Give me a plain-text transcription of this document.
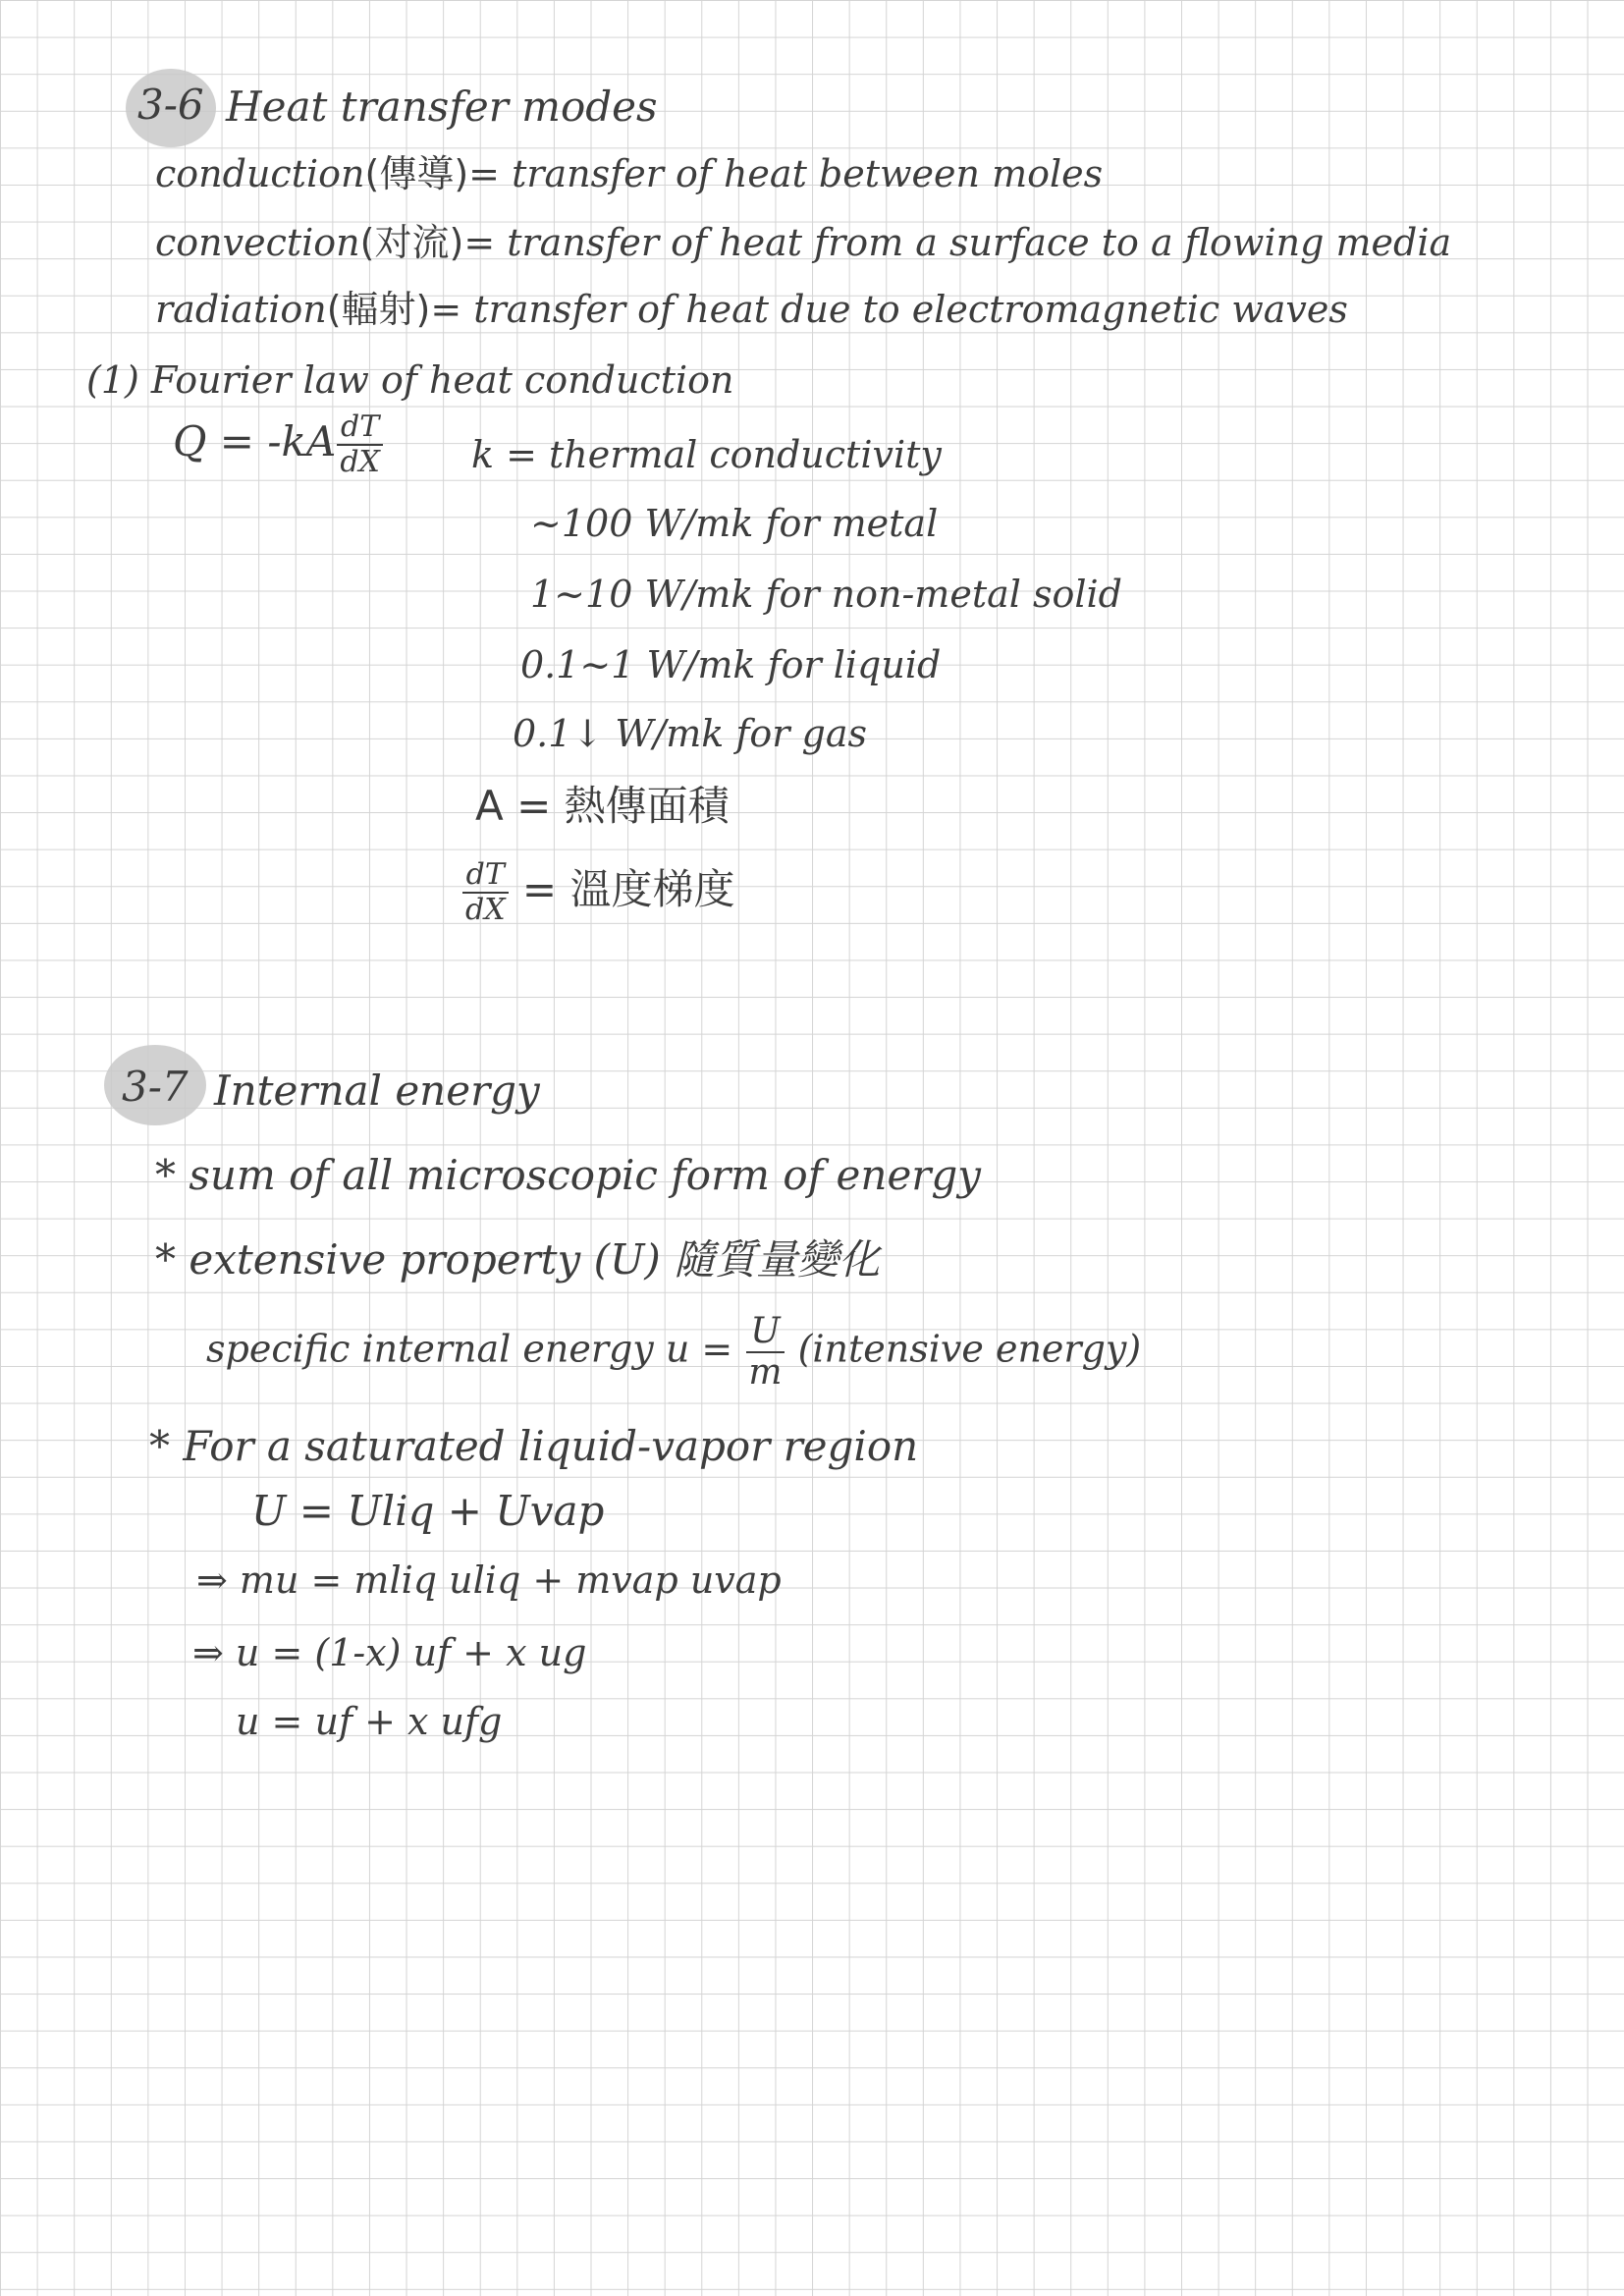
3-6 Heat transfer modes
conduction(傳導)= transfer of heat between moles
convection(对流)= transfer of heat from a surface to a flowing media
radiation(輻射)= transfer of heat due to electromagnetic waves
(1) Fourier law of heat conduction
$Q = -kA \frac{dT}{dX}$ k = thermal conductivity
~100 W/mk for metal
1~10 W/mk for non-metal solid
0.1~1 W/mk for liquid
0.1↓ W/mk for gas
A = 熱傳面積
$\frac{dT}{dX}$ = 溫度梯度
3-7 Internal energy
* sum of all microscopic form of energy
* extensive property (U) 隨質量變化
specific internal energy $u = \frac{U}{m}$ (intensive energy)
* For a saturated liquid-vapor region
U = Uliq + Uvap
⇒ mu = mliq uliq + mvap uvap
⇒ u = (1-x) uf + x ug
u = uf + x ufg
